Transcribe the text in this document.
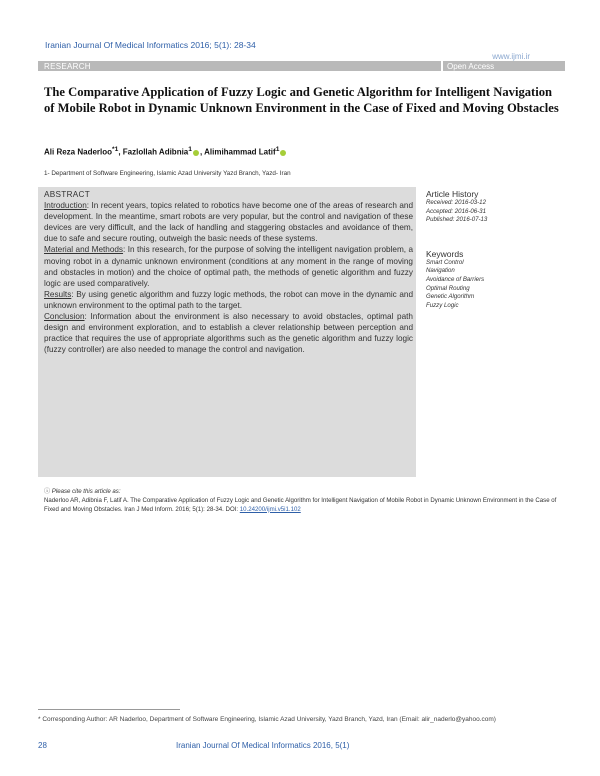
Iranian Journal Of Medical Informatics 2016; 5(1): 28-34
www.ijmi.ir
RESEARCH	Open Access
The Comparative Application of Fuzzy Logic and Genetic Algorithm for Intelligent Navigation of Mobile Robot in Dynamic Unknown Environment in the Case of Fixed and Moving Obstacles
Ali Reza Naderloo$^{*1}$, Fazlollah Adibnia$^1$ , Alimihammad Latif$^1$
1- Department of Software Engineering, Islamic Azad University Yazd Branch, Yazd- Iran

ABSTRACT

Introduction: In recent years, topics related to robotics have become one of the areas of research and development. In the meantime, smart robots are very popular, but the control and navigation of these devices are very difficult, and the lack of handling and staggering obstacles and avoidance of them, due to safe and secure routing, outweigh the basic needs of these systems.

Material and Methods: In this research, for the purpose of solving the intelligent navigation problem, a moving robot in a dynamic unknown environment (conditions at any moment in the range of moving and obstacles in motion) and the choice of optimal path, the methods of genetic algorithm and fuzzy logic are used comparatively.

Results: By using genetic algorithm and fuzzy logic methods, the robot can move in the dynamic and unknown environment to the optimal path to the target.

Conclusion: Information about the environment is also necessary to avoid obstacles, optimal path design and environment exploration, and to establish a clever relationship between perception and practice that requires the use of appropriate algorithms such as the genetic algorithm and fuzzy logic (fuzzy controller) are also needed to manage the control and navigation.

Article History
Received: 2016-03-12
Accepted: 2016-06-31
Published: 2016-07-13
Keywords
Smart Control
Navigation
Avoidance of Barriers
Optimal Routing
Genetic Algorithm
Fuzzy Logic
ⓘ Please cite this article as:
Naderloo AR, Adibnia F, Latif A. The Comparative Application of Fuzzy Logic and Genetic Algorithm for Intelligent Navigation of Mobile Robot in Dynamic Unknown Environment in the Case of Fixed and Moving Obstacles. Iran J Med Inform. 2016; 5(1): 28-34. DOI: 10.24200/ijmi.v5i1.102
* Corresponding Author: AR Naderloo, Department of Software Engineering, Islamic Azad University, Yazd Branch, Yazd, Iran (Email: alir_naderlo@yahoo.com)
28	Iranian Journal Of Medical Informatics 2016, 5(1)
